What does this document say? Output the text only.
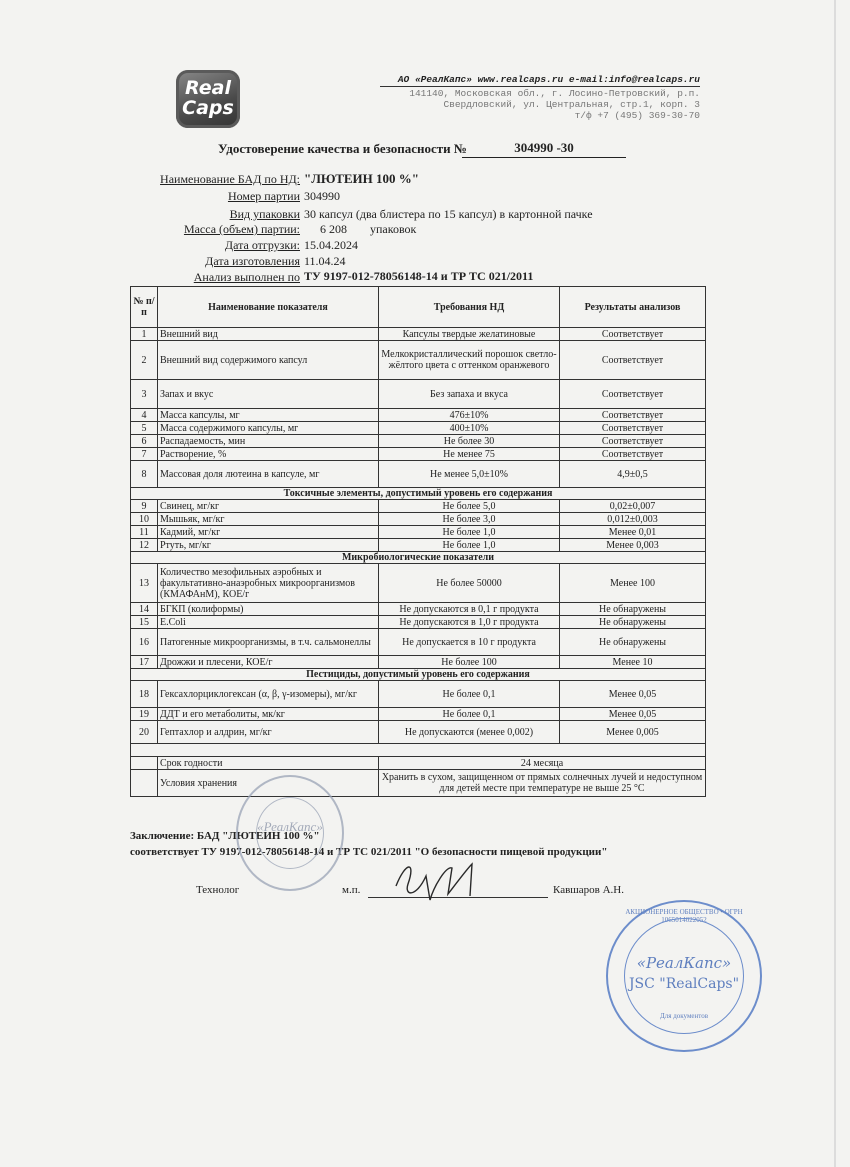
Real
Caps
АО «РеалКапс» www.realcaps.ru e-mail:info@realcaps.ru
141140, Московская обл., г. Лосино-Петровский, р.п.
Свердловский, ул. Центральная, стр.1, корп. 3
т/ф +7 (495) 369-30-70
Удостоверение качества и безопасности №	304990 -30
Наименование БАД по НД: "ЛЮТЕИН 100 %"
Номер партии 304990
Вид упаковки 30 капсул (два блистера по 15 капсул) в картонной пачке
Масса (объем) партии: 6 208 упаковок
Дата отгрузки: 15.04.2024
Дата изготовления 11.04.24
Анализ выполнен по ТУ 9197-012-78056148-14 и ТР ТС 021/2011
№ п/п	Наименование показателя	Требования НД	Результаты анализов
1	Внешний вид	Капсулы твердые желатиновые	Соответствует
2	Внешний вид содержимого капсул	Мелкокристаллический порошок светло-жёлтого цвета с оттенком оранжевого	Соответствует
3	Запах и вкус	Без запаха и вкуса	Соответствует
4	Масса капсулы, мг	476±10%	Соответствует
5	Масса содержимого капсулы, мг	400±10%	Соответствует
6	Распадаемость, мин	Не более 30	Соответствует
7	Растворение, %	Не менее 75	Соответствует
8	Массовая доля лютеина в капсуле, мг	Не менее 5,0±10%	4,9±0,5
Токсичные элементы, допустимый уровень его содержания			
9	Свинец, мг/кг	Не более 5,0	0,02±0,007
10	Мышьяк, мг/кг	Не более 3,0	0,012±0,003
11	Кадмий, мг/кг	Не более 1,0	Менее 0,01
12	Ртуть, мг/кг	Не более 1,0	Менее 0,003
Микробиологические показатели			
13	Количество мезофильных аэробных и факультативно-анаэробных микроорганизмов (КМАФАнМ), КОЕ/г	Не более 50000	Менее 100
14	БГКП (колиформы)	Не допускаются в 0,1 г продукта	Не обнаружены
15	E.Coli	Не допускаются в 1,0 г продукта	Не обнаружены
16	Патогенные микроорганизмы, в т.ч. сальмонеллы	Не допускается в 10 г продукта	Не обнаружены
17	Дрожжи и плесени, КОЕ/г	Не более 100	Менее 10
Пестициды, допустимый уровень его содержания			
18	Гексахлорциклогексан (α, β, γ-изомеры), мг/кг	Не более 0,1	Менее 0,05
19	ДДТ и его метаболиты, мк/кг	Не более 0,1	Менее 0,05
20	Гептахлор и алдрин, мг/кг	Не допускаются (менее 0,002)	Менее 0,005

	Срок годности	24 месяца	
	Условия хранения	Хранить в сухом, защищенном от прямых солнечных лучей и недоступном для детей месте при температуре не выше 25 °С	
Заключение: БАД "ЛЮТЕИН 100 %"
соответствует ТУ 9197-012-78056148-14 и ТР ТС 021/2011 "О безопасности пищевой продукции"
Технолог	м.п.	Кавшаров А.Н.
«РеалКапс»
АКЦИОНЕРНОЕ ОБЩЕСТВО • ОГРН 1065014022052
«РеалКапс»
JSC "RealCaps"
Для документов
